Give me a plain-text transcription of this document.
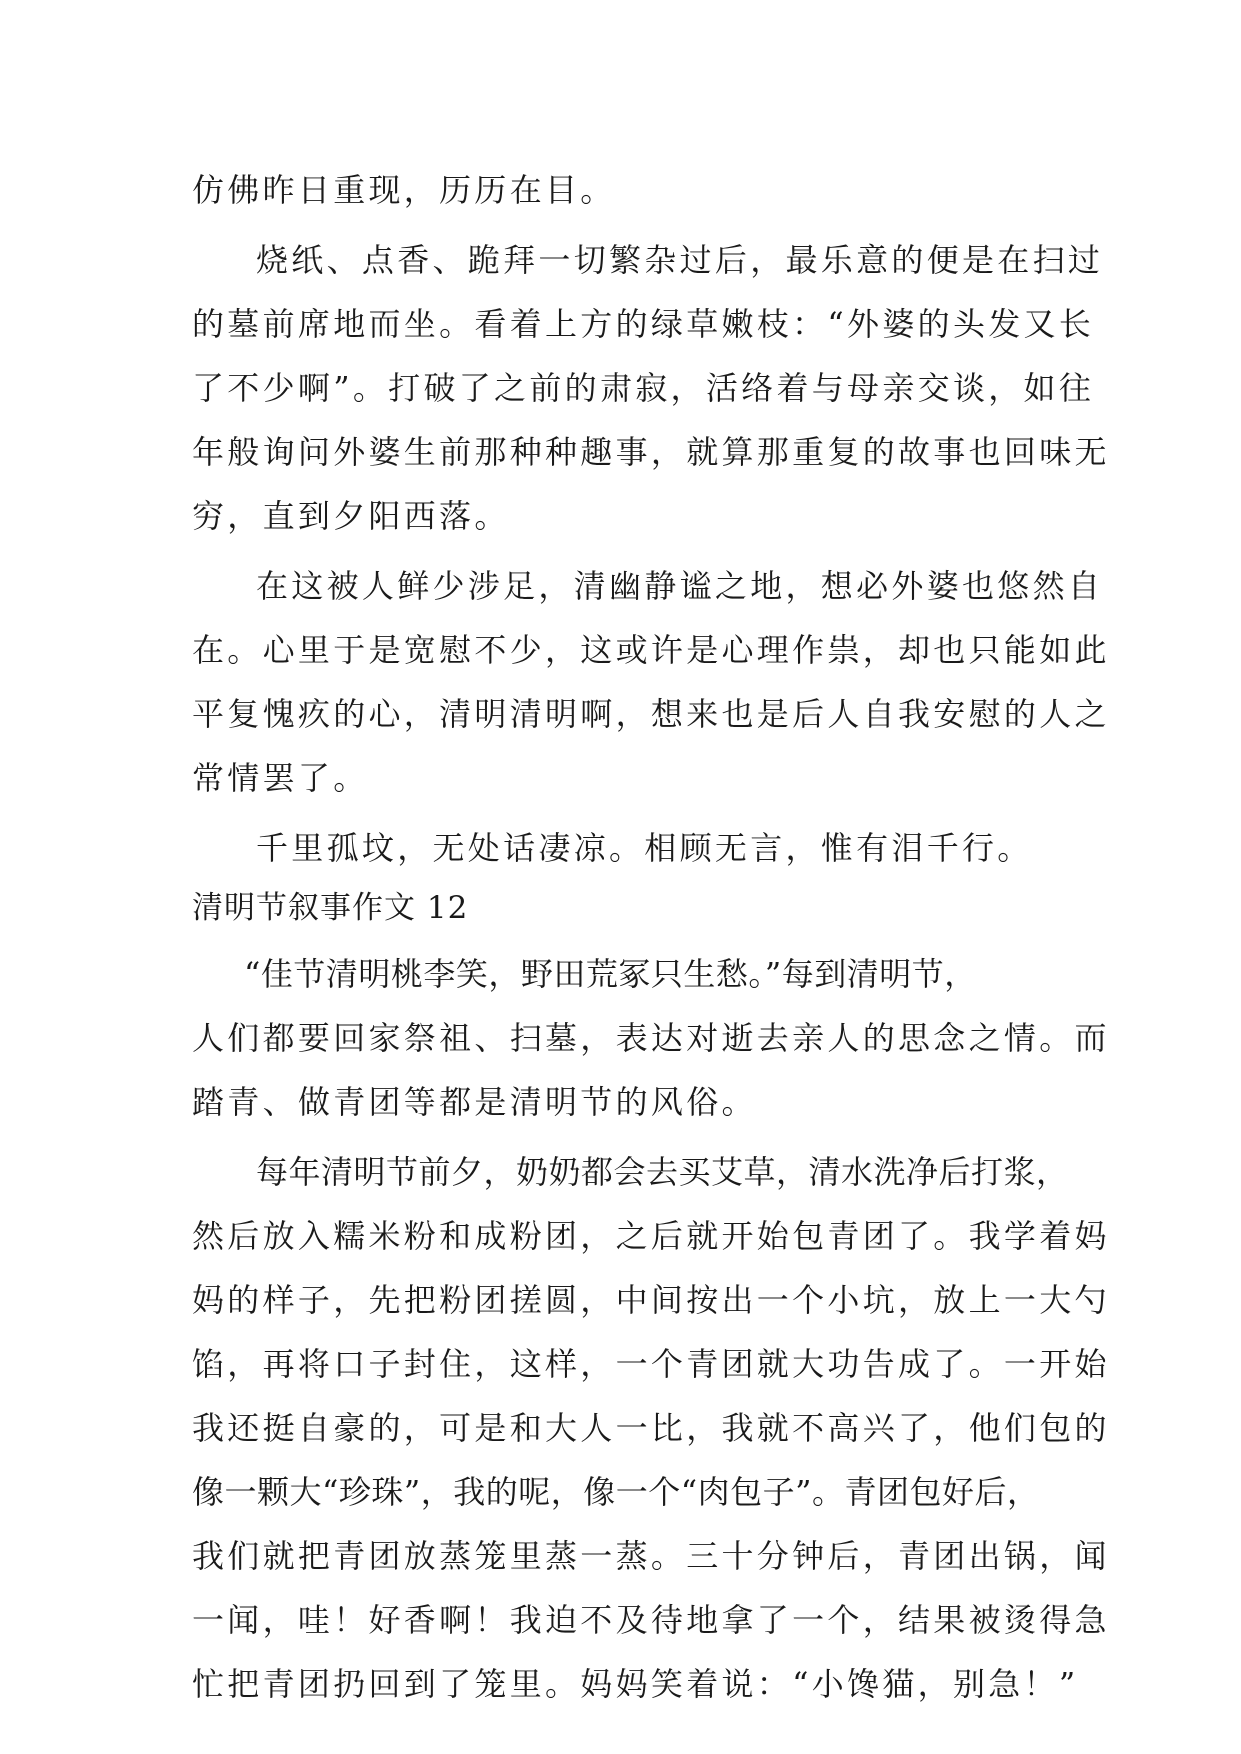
仿佛昨日重现，历历在目。
烧纸、点香、跪拜一切繁杂过后，最乐意的便是在扫过
的墓前席地而坐。看着上方的绿草嫩枝：“外婆的头发又长
了不少啊”。打破了之前的肃寂，活络着与母亲交谈，如往
年般询问外婆生前那种种趣事，就算那重复的故事也回味无
穷，直到夕阳西落。
在这被人鲜少涉足，清幽静谧之地，想必外婆也悠然自
在。心里于是宽慰不少，这或许是心理作祟，却也只能如此
平复愧疚的心，清明清明啊，想来也是后人自我安慰的人之
常情罢了。
千里孤坟，无处话凄凉。相顾无言，惟有泪千行。
清明节叙事作文 12
“佳节清明桃李笑，野田荒冢只生愁。”每到清明节，
人们都要回家祭祖、扫墓，表达对逝去亲人的思念之情。而
踏青、做青团等都是清明节的风俗。
每年清明节前夕，奶奶都会去买艾草，清水洗净后打浆，
然后放入糯米粉和成粉团，之后就开始包青团了。我学着妈
妈的样子，先把粉团搓圆，中间按出一个小坑，放上一大勺
馅，再将口子封住，这样，一个青团就大功告成了。一开始
我还挺自豪的，可是和大人一比，我就不高兴了，他们包的
像一颗大“珍珠”，我的呢，像一个“肉包子”。青团包好后，
我们就把青团放蒸笼里蒸一蒸。三十分钟后，青团出锅，闻
一闻，哇！好香啊！我迫不及待地拿了一个，结果被烫得急
忙把青团扔回到了笼里。妈妈笑着说：“小馋猫，别急！”
